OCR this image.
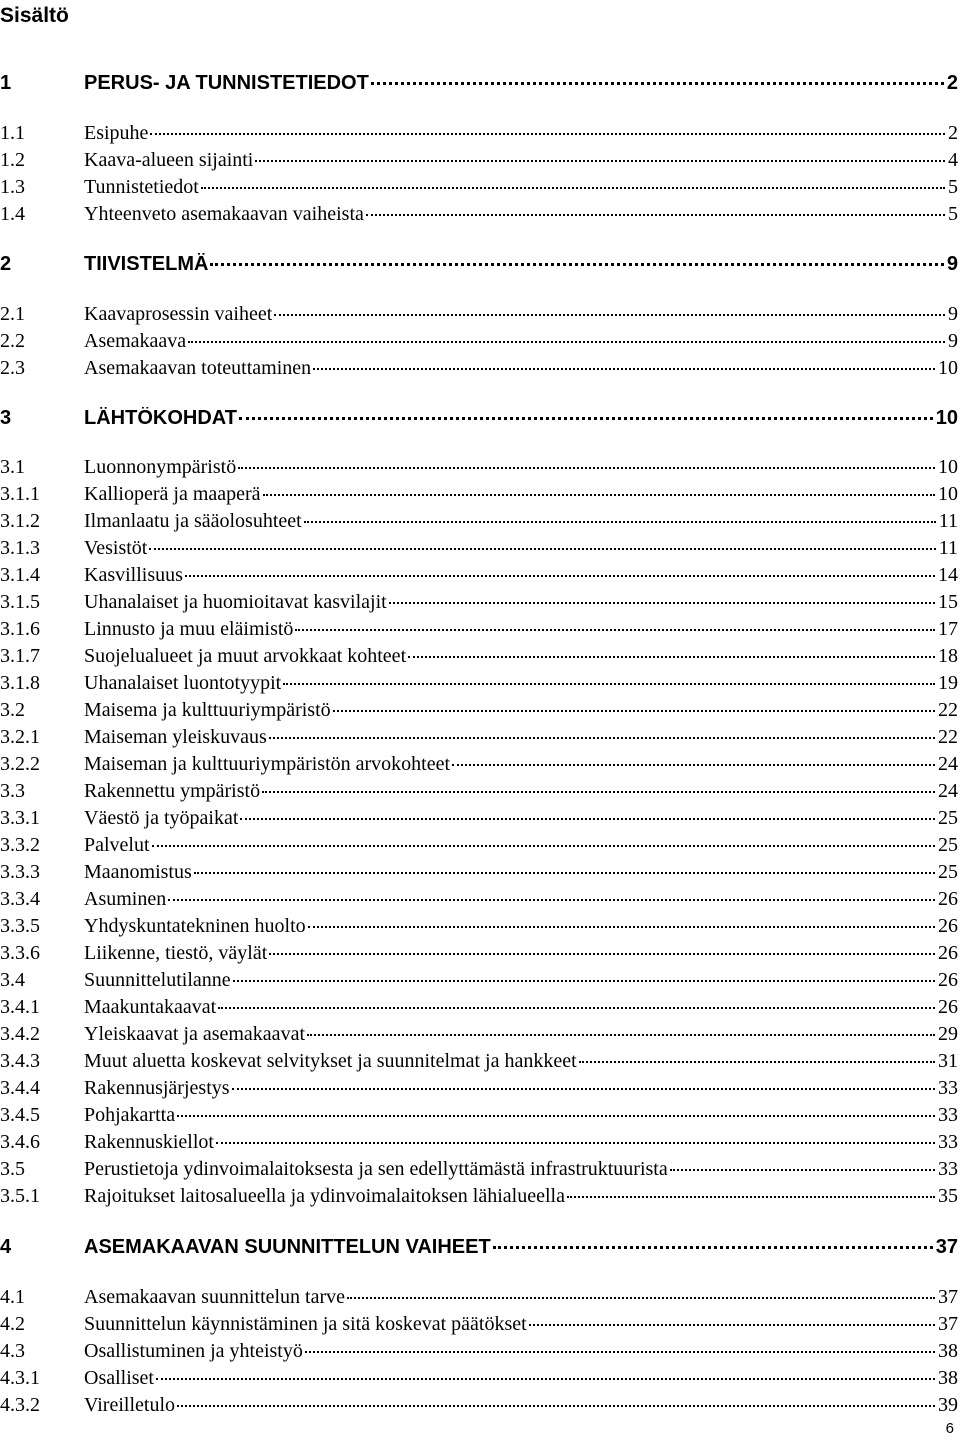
Sisältö
1	PERUS- JA TUNNISTETIEDOT	2
1.1	Esipuhe	2
1.2	Kaava-alueen sijainti	4
1.3	Tunnistetiedot	5
1.4	Yhteenveto asemakaavan vaiheista	5
2	TIIVISTELMÄ	9
2.1	Kaavaprosessin vaiheet	9
2.2	Asemakaava	9
2.3	Asemakaavan toteuttaminen	10
3	LÄHTÖKOHDAT	10
3.1	Luonnonympäristö	10
3.1.1	Kallioperä ja maaperä	10
3.1.2	Ilmanlaatu ja sääolosuhteet	11
3.1.3	Vesistöt	11
3.1.4	Kasvillisuus	14
3.1.5	Uhanalaiset ja huomioitavat kasvilajit	15
3.1.6	Linnusto ja muu eläimistö	17
3.1.7	Suojelualueet ja muut arvokkaat kohteet	18
3.1.8	Uhanalaiset luontotyypit	19
3.2	Maisema ja kulttuuriympäristö	22
3.2.1	Maiseman yleiskuvaus	22
3.2.2	Maiseman ja kulttuuriympäristön arvokohteet	24
3.3	Rakennettu ympäristö	24
3.3.1	Väestö ja työpaikat	25
3.3.2	Palvelut	25
3.3.3	Maanomistus	25
3.3.4	Asuminen	26
3.3.5	Yhdyskuntatekninen huolto	26
3.3.6	Liikenne, tiestö, väylät	26
3.4	Suunnittelutilanne	26
3.4.1	Maakuntakaavat	26
3.4.2	Yleiskaavat ja asemakaavat	29
3.4.3	Muut aluetta koskevat selvitykset ja suunnitelmat ja hankkeet	31
3.4.4	Rakennusjärjestys	33
3.4.5	Pohjakartta	33
3.4.6	Rakennuskiellot	33
3.5	Perustietoja ydinvoimalaitoksesta ja sen edellyttämästä infrastruktuurista	33
3.5.1	Rajoitukset laitosalueella ja ydinvoimalaitoksen lähialueella	35
4	ASEMAKAAVAN SUUNNITTELUN VAIHEET	37
4.1	Asemakaavan suunnittelun tarve	37
4.2	Suunnittelun käynnistäminen ja sitä koskevat päätökset	37
4.3	Osallistuminen ja yhteistyö	38
4.3.1	Osalliset	38
4.3.2	Vireilletulo	39

6
